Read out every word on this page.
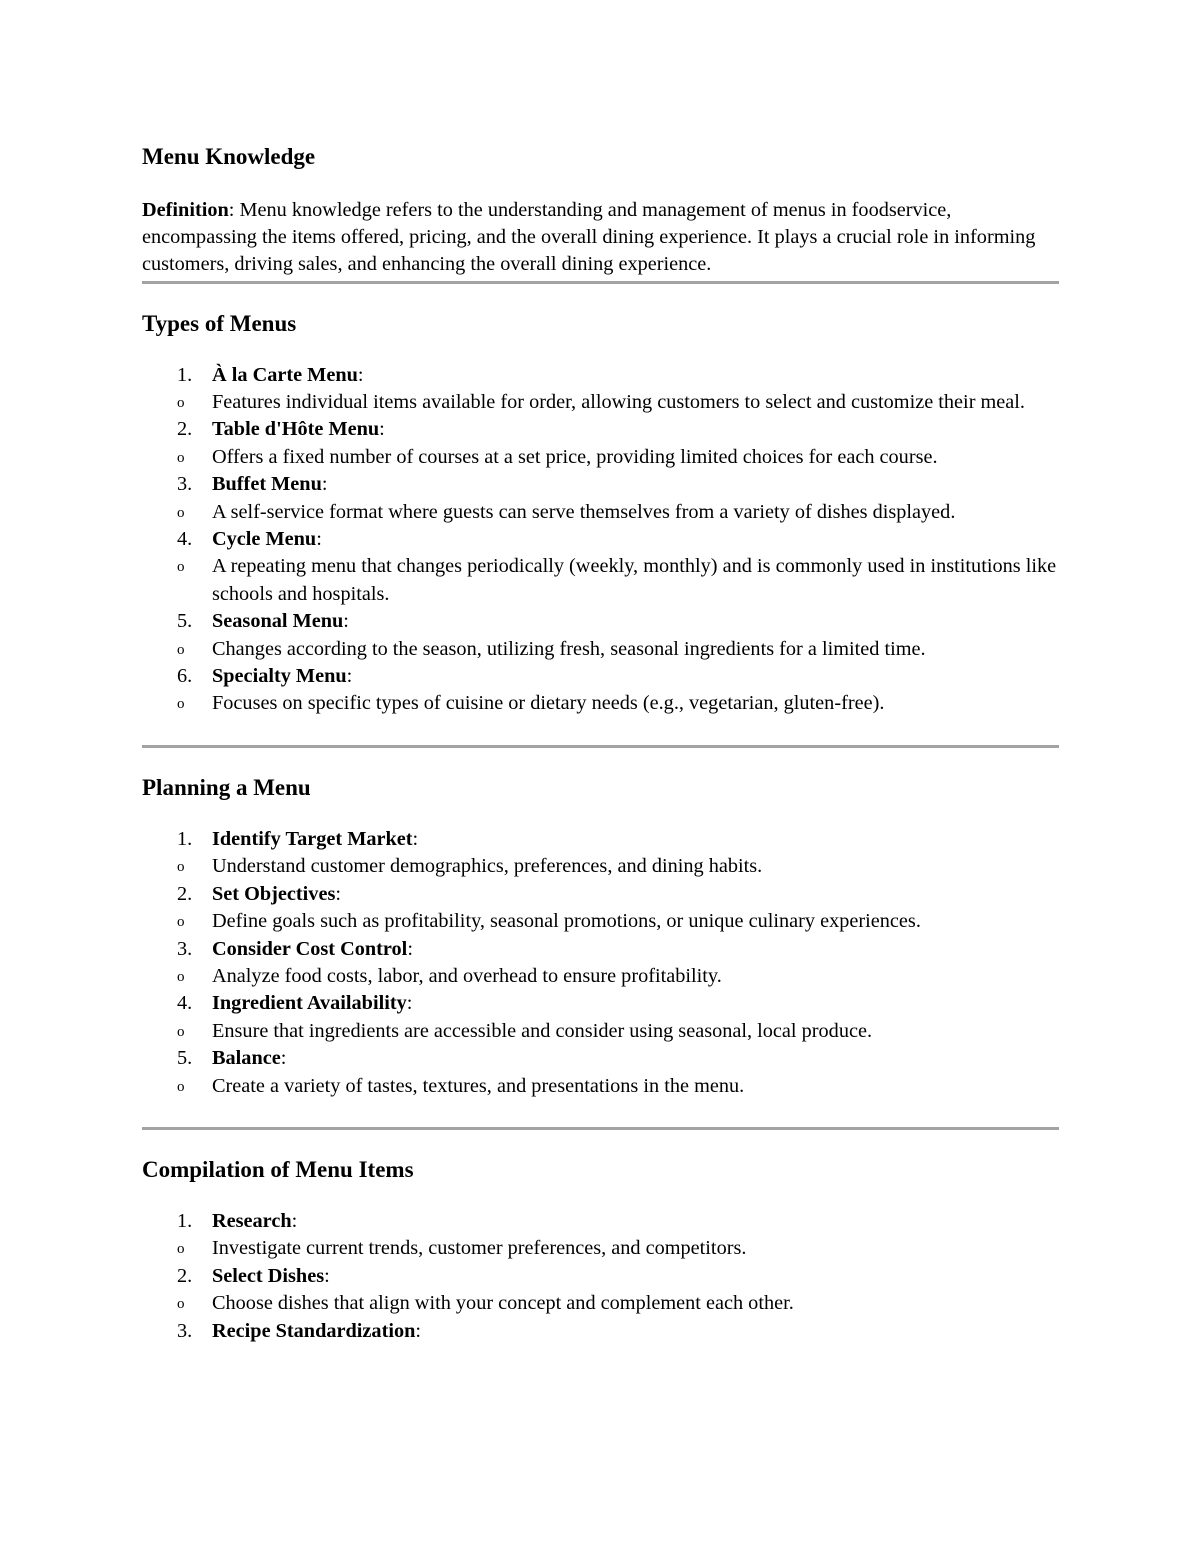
Menu Knowledge

Definition: Menu knowledge refers to the understanding and management of menus in foodservice, encompassing the items offered, pricing, and the overall dining experience. It plays a crucial role in informing customers, driving sales, and enhancing the overall dining experience.

Types of Menus
1. À la Carte Menu:
o Features individual items available for order, allowing customers to select and customize their meal.
2. Table d'Hôte Menu:
o Offers a fixed number of courses at a set price, providing limited choices for each course.
3. Buffet Menu:
o A self-service format where guests can serve themselves from a variety of dishes displayed.
4. Cycle Menu:
o A repeating menu that changes periodically (weekly, monthly) and is commonly used in institutions like schools and hospitals.
5. Seasonal Menu:
o Changes according to the season, utilizing fresh, seasonal ingredients for a limited time.
6. Specialty Menu:
o Focuses on specific types of cuisine or dietary needs (e.g., vegetarian, gluten-free).
Planning a Menu
1. Identify Target Market:
o Understand customer demographics, preferences, and dining habits.
2. Set Objectives:
o Define goals such as profitability, seasonal promotions, or unique culinary experiences.
3. Consider Cost Control:
o Analyze food costs, labor, and overhead to ensure profitability.
4. Ingredient Availability:
o Ensure that ingredients are accessible and consider using seasonal, local produce.
5. Balance:
o Create a variety of tastes, textures, and presentations in the menu.
Compilation of Menu Items
1. Research:
o Investigate current trends, customer preferences, and competitors.
2. Select Dishes:
o Choose dishes that align with your concept and complement each other.
3. Recipe Standardization:
